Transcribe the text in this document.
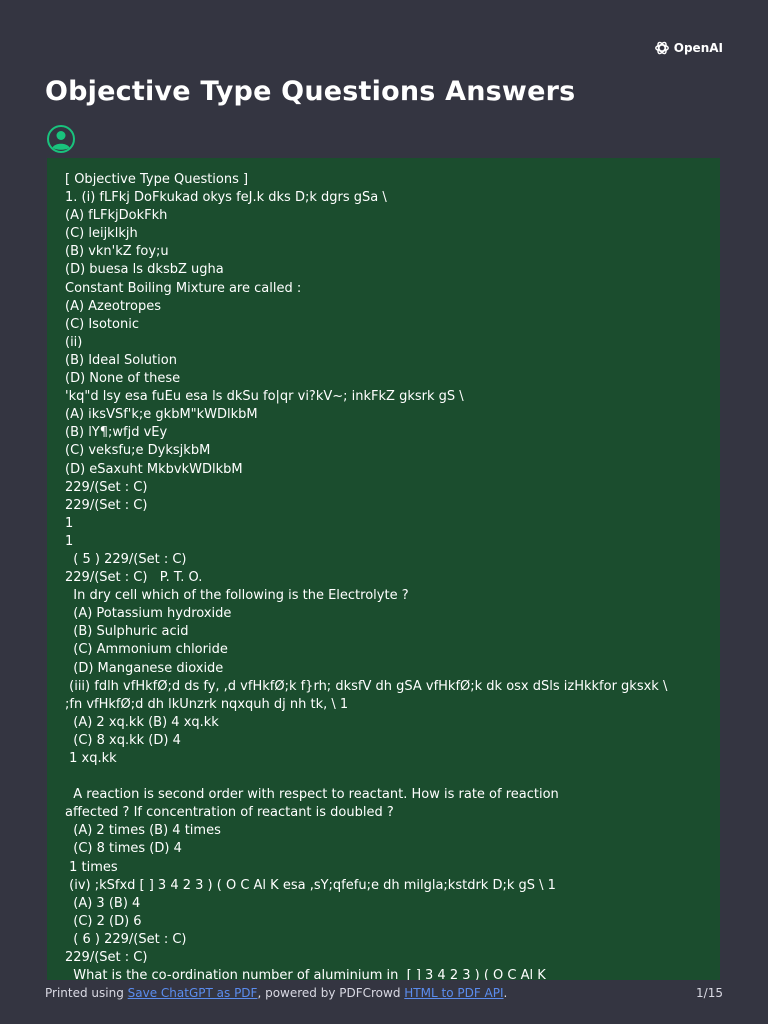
OpenAI
Objective Type Questions Answers
[ Objective Type Questions ]
1. (i) fLFkj DoFkukad okys feJ.k dks D;k dgrs gSa \
(A) fLFkjDokFkh
(C) leijklkjh
(B) vkn'kZ foy;u
(D) buesa ls dksbZ ugha
Constant Boiling Mixture are called :
(A) Azeotropes
(C) Isotonic
(ii)
(B) Ideal Solution
(D) None of these
'kq"d lsy esa fuEu esa ls dkSu fo|qr vi?kV~; inkFkZ gksrk gS \
(A) iksVSf'k;e gkbM"kWDlkbM
(B) lY¶;wfjd vEy
(C) veksfu;e DyksjkbM
(D) eSaxuht MkbvkWDlkbM
229/(Set : C)
229/(Set : C)
1
1
( 5 ) 229/(Set : C)
229/(Set : C)   P. T. O.
In dry cell which of the following is the Electrolyte ?
(A) Potassium hydroxide
(B) Sulphuric acid
(C) Ammonium chloride
(D) Manganese dioxide
(iii) fdlh vfHkfØ;d ds fy, ,d vfHkfØ;k f}rh; dksfV dh gSA vfHkfØ;k dk osx dSls izHkkfor gksxk \
;fn vfHkfØ;d dh lkUnzrk nqxquh dj nh tk, \ 1
(A) 2 xq.kk (B) 4 xq.kk
(C) 8 xq.kk (D) 4
1 xq.kk
A reaction is second order with respect to reactant. How is rate of reaction
affected ? If concentration of reactant is doubled ?
(A) 2 times (B) 4 times
(C) 8 times (D) 4
1 times
(iv) ;kSfxd [ ] 3 4 2 3 ) ( O C Al K esa ,sY;qfefu;e dh milgla;kstdrk D;k gS \ 1
(A) 3 (B) 4
(C) 2 (D) 6
( 6 ) 229/(Set : C)
229/(Set : C)
What is the co-ordination number of aluminium in  [ ] 3 4 2 3 ) ( O C Al K
Printed using Save ChatGPT as PDF, powered by PDFCrowd HTML to PDF API.	1/15
